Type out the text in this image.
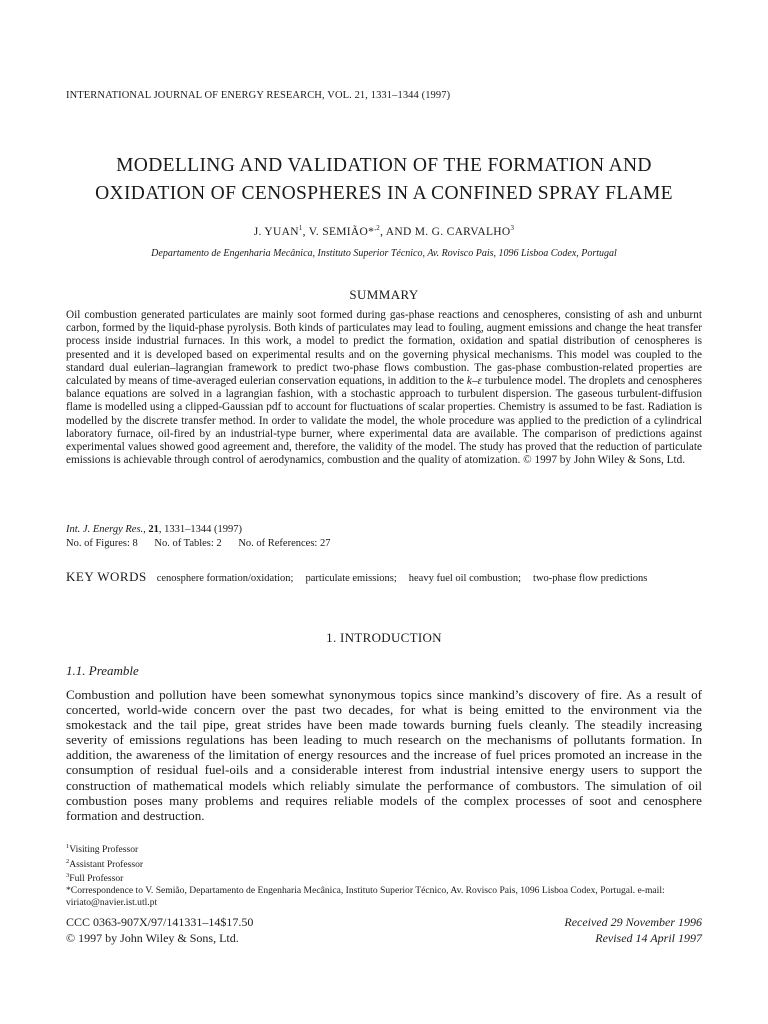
INTERNATIONAL JOURNAL OF ENERGY RESEARCH, VOL. 21, 1331–1344 (1997)
MODELLING AND VALIDATION OF THE FORMATION AND
OXIDATION OF CENOSPHERES IN A CONFINED SPRAY FLAME
J. YUAN$^1$, V. SEMIÃO*$^{,2}$, AND M. G. CARVALHO$^3$
Departamento de Engenharia Mecânica, Instituto Superior Técnico, Av. Rovisco Pais, 1096 Lisboa Codex, Portugal
SUMMARY
Oil combustion generated particulates are mainly soot formed during gas-phase reactions and cenospheres, consisting of ash and unburnt carbon, formed by the liquid-phase pyrolysis. Both kinds of particulates may lead to fouling, augment emissions and change the heat transfer process inside industrial furnaces. In this work, a model to predict the formation, oxidation and spatial distribution of cenospheres is presented and it is developed based on experimental results and on the governing physical mechanisms. This model was coupled to the standard dual eulerian–lagrangian framework to predict two-phase flows combustion. The gas-phase combustion-related properties are calculated by means of time-averaged eulerian conservation equations, in addition to the k–ε turbulence model. The droplets and cenospheres balance equations are solved in a lagrangian fashion, with a stochastic approach to turbulent dispersion. The gaseous turbulent-diffusion flame is modelled using a clipped-Gaussian pdf to account for fluctuations of scalar properties. Chemistry is assumed to be fast. Radiation is modelled by the discrete transfer method. In order to validate the model, the whole procedure was applied to the prediction of a cylindrical laboratory furnace, oil-fired by an industrial-type burner, where experimental data are available. The comparison of predictions against experimental values showed good agreement and, therefore, the validity of the model. The study has proved that the reduction of particulate emissions is achievable through control of aerodynamics, combustion and the quality of atomization. © 1997 by John Wiley & Sons, Ltd.
Int. J. Energy Res., 21, 1331–1344 (1997)
No. of Figures: 8 No. of Tables: 2 No. of References: 27
KEY WORDS cenosphere formation/oxidation; particulate emissions; heavy fuel oil combustion; two-phase flow predictions
1. INTRODUCTION
1.1. Preamble
Combustion and pollution have been somewhat synonymous topics since mankind’s discovery of fire. As a result of concerted, world-wide concern over the past two decades, for what is being emitted to the environment via the smokestack and the tail pipe, great strides have been made towards burning fuels cleanly. The steadily increasing severity of emissions regulations has been leading to much research on the mechanisms of pollutants formation. In addition, the awareness of the limitation of energy resources and the increase of fuel prices promoted an increase in the consumption of residual fuel-oils and a considerable interest from industrial intensive energy users to support the construction of mathematical models which reliably simulate the performance of combustors. The simulation of oil combustion poses many problems and requires reliable models of the complex processes of soot and cenosphere formation and destruction.
$^1$Visiting Professor
$^2$Assistant Professor
$^3$Full Professor
*Correspondence to V. Semião, Departamento de Engenharia Mecânica, Instituto Superior Técnico, Av. Rovisco Pais, 1096 Lisboa Codex, Portugal. e-mail: viriato@navier.ist.utl.pt
CCC 0363-907X/97/141331–14$17.50
© 1997 by John Wiley & Sons, Ltd.
Received 29 November 1996
Revised 14 April 1997
